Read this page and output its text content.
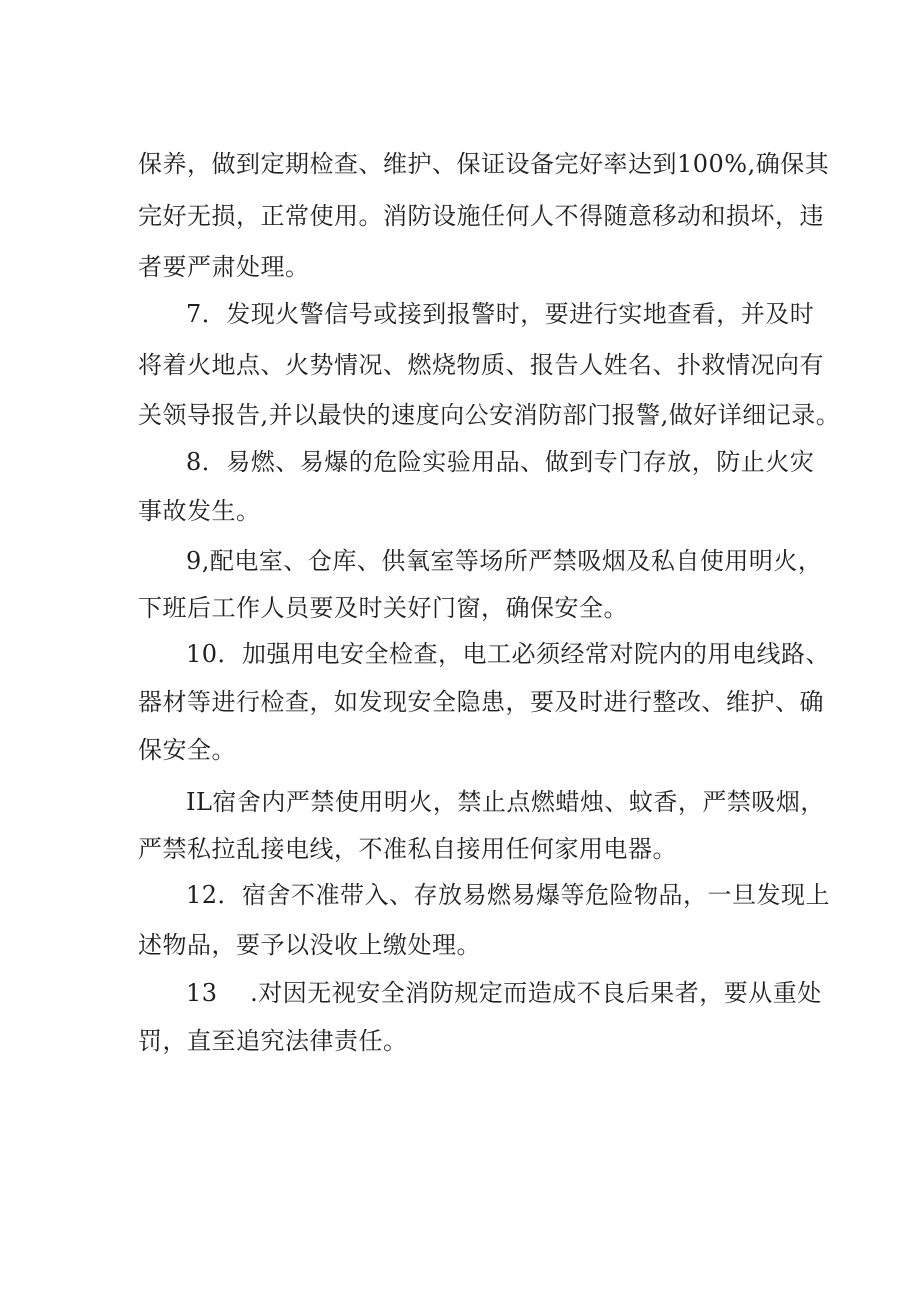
保养，做到定期检查、维护、保证设备完好率达到100%,确保其
完好无损，正常使用。消防设施任何人不得随意移动和损坏，违
者要严肃处理。
7．发现火警信号或接到报警时，要进行实地查看，并及时
将着火地点、火势情况、燃烧物质、报告人姓名、扑救情况向有
关领导报告,并以最快的速度向公安消防部门报警,做好详细记录。
8．易燃、易爆的危险实验用品、做到专门存放，防止火灾
事故发生。
9,配电室、仓库、供氧室等场所严禁吸烟及私自使用明火，
下班后工作人员要及时关好门窗，确保安全。
10．加强用电安全检查，电工必须经常对院内的用电线路、
器材等进行检查，如发现安全隐患，要及时进行整改、维护、确
保安全。
IL宿舍内严禁使用明火，禁止点燃蜡烛、蚊香，严禁吸烟，
严禁私拉乱接电线，不准私自接用任何家用电器。
12．宿舍不准带入、存放易燃易爆等危险物品，一旦发现上
述物品，要予以没收上缴处理。
13　 .对因无视安全消防规定而造成不良后果者，要从重处
罚，直至追究法律责任。
